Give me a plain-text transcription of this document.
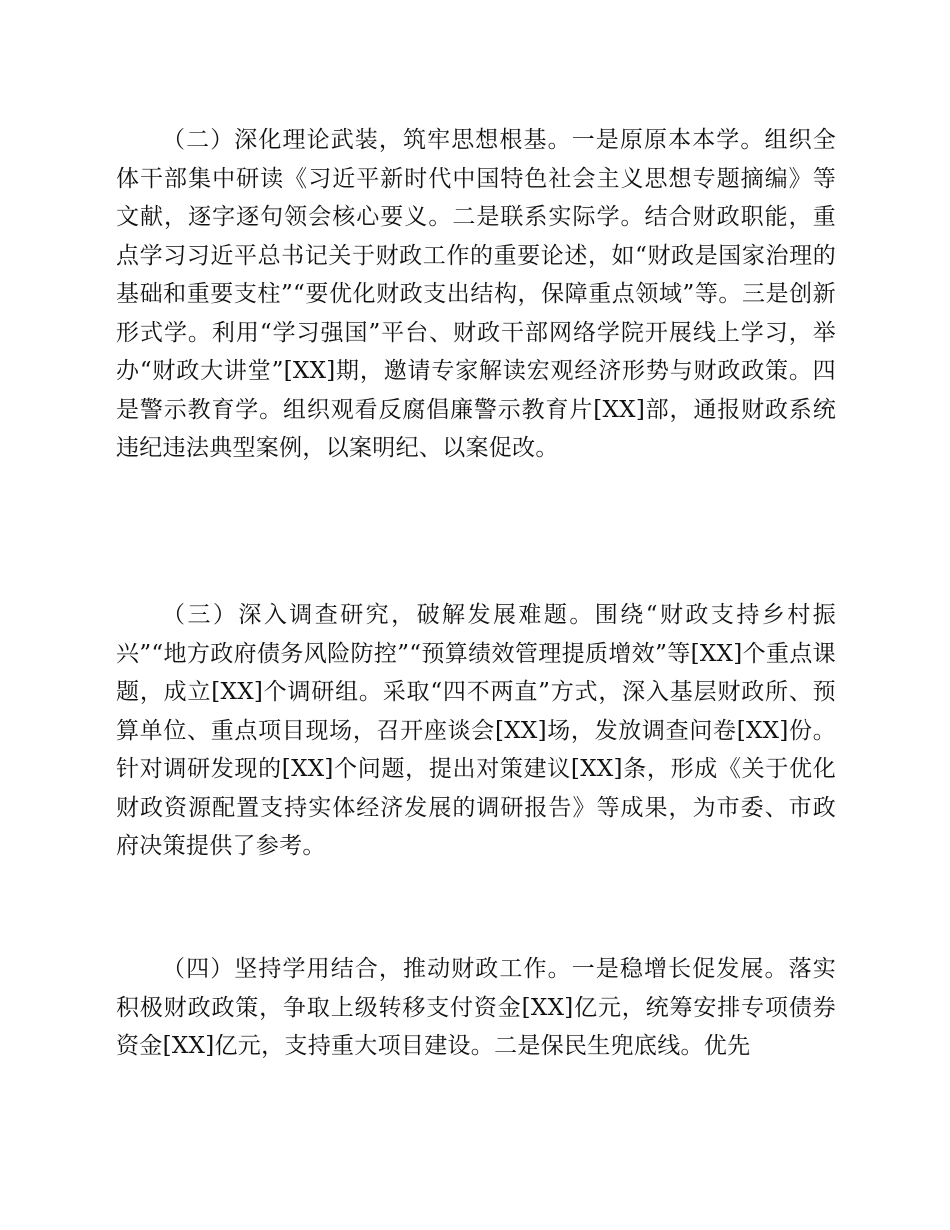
（二）深化理论武装，筑牢思想根基。一是原原本本学。组织全体干部集中研读《习近平新时代中国特色社会主义思想专题摘编》等文献，逐字逐句领会核心要义。二是联系实际学。结合财政职能，重点学习习近平总书记关于财政工作的重要论述，如“财政是国家治理的基础和重要支柱”“要优化财政支出结构，保障重点领域”等。三是创新形式学。利用“学习强国”平台、财政干部网络学院开展线上学习，举办“财政大讲堂”[XX]期，邀请专家解读宏观经济形势与财政政策。四是警示教育学。组织观看反腐倡廉警示教育片[XX]部，通报财政系统违纪违法典型案例，以案明纪、以案促改。

（三）深入调查研究，破解发展难题。围绕“财政支持乡村振兴”“地方政府债务风险防控”“预算绩效管理提质增效”等[XX]个重点课题，成立[XX]个调研组。采取“四不两直”方式，深入基层财政所、预算单位、重点项目现场，召开座谈会[XX]场，发放调查问卷[XX]份。针对调研发现的[XX]个问题，提出对策建议[XX]条，形成《关于优化财政资源配置支持实体经济发展的调研报告》等成果，为市委、市政府决策提供了参考。

（四）坚持学用结合，推动财政工作。一是稳增长促发展。落实积极财政政策，争取上级转移支付资金[XX]亿元，统筹安排专项债券资金[XX]亿元，支持重大项目建设。二是保民生兜底线。优先
